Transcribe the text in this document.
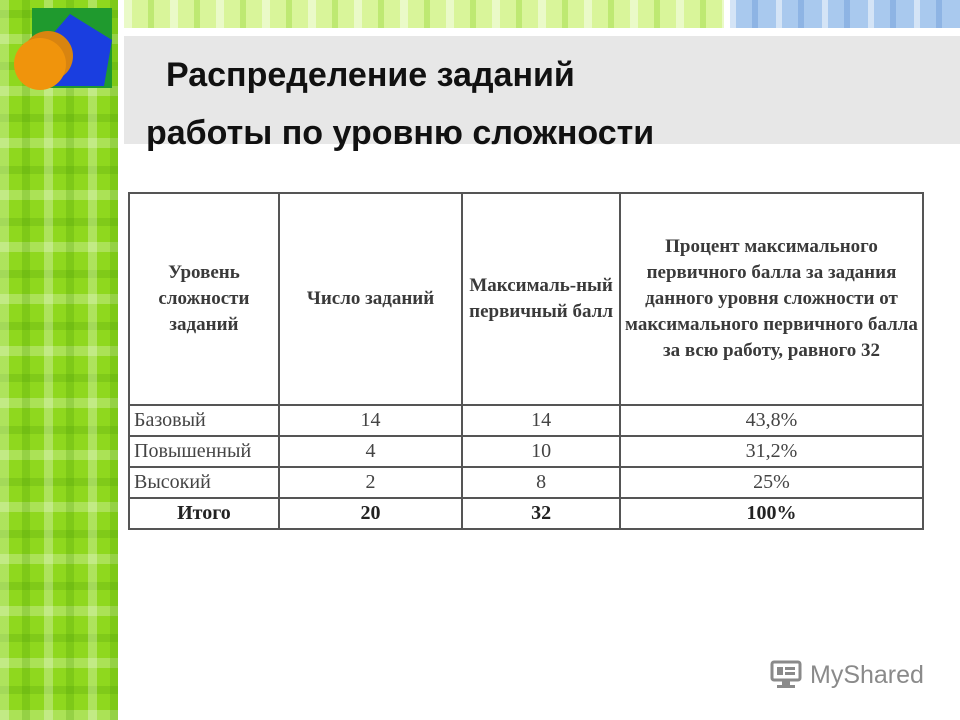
Распределение заданий
работы по уровню сложности
Уровень сложности заданий	Число заданий	Максималь-ный первичный балл	Процент максимального первичного балла за задания данного уровня сложности от максимального первичного балла за всю работу, равного 32
Базовый	14	14	43,8%
Повышенный	4	10	31,2%
Высокий	2	8	25%
Итого	20	32	100%
MyShared
